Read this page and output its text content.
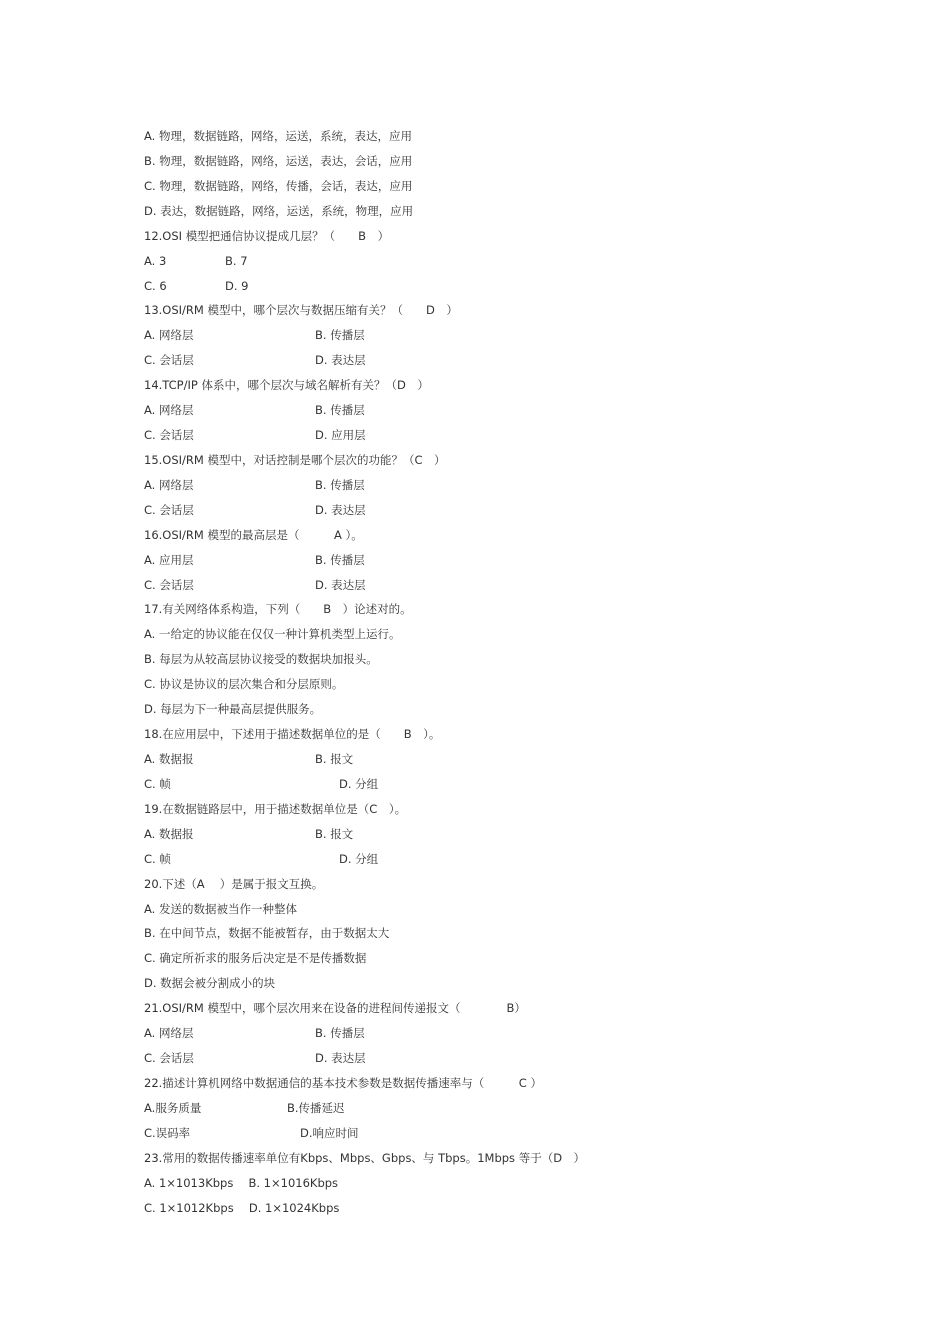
A. 物理，数据链路，网络，运送，系统，表达，应用
B. 物理，数据链路，网络，运送，表达，会话，应用
C. 物理，数据链路，网络，传播，会话，表达，应用
D. 表达，数据链路，网络，运送，系统，物理，应用
12.OSI 模型把通信协议提成几层？（　　B　）
A. 3	B. 7
C. 6	D. 9
13.OSI/RM 模型中，哪个层次与数据压缩有关？（　　D　）
A. 网络层	B. 传播层
C. 会话层	D. 表达层
14.TCP/IP 体系中，哪个层次与域名解析有关？（D　）
A. 网络层	B. 传播层
C. 会话层	D. 应用层
15.OSI/RM 模型中，对话控制是哪个层次的功能？（C　）
A. 网络层	B. 传播层
C. 会话层	D. 表达层
16.OSI/RM 模型的最高层是（　　　A ）。
A. 应用层	B. 传播层
C. 会话层	D. 表达层
17.有关网络体系构造，下列（　　B　）论述对的。
A. 一给定的协议能在仅仅一种计算机类型上运行。
B. 每层为从较高层协议接受的数据块加报头。
C. 协议是协议的层次集合和分层原则。
D. 每层为下一种最高层提供服务。
18.在应用层中，下述用于描述数据单位的是（　　B　）。
A. 数据报	B. 报文
C. 帧	D. 分组
19.在数据链路层中，用于描述数据单位是（C　）。
A. 数据报	B. 报文
C. 帧	D. 分组
20.下述（A　 ）是属于报文互换。
A. 发送的数据被当作一种整体
B. 在中间节点，数据不能被暂存，由于数据太大
C. 确定所祈求的服务后决定是不是传播数据
D. 数据会被分割成小的块
21.OSI/RM 模型中，哪个层次用来在设备的进程间传递报文（　　　　B）
A. 网络层	B. 传播层
C. 会话层	D. 表达层
22.描述计算机网络中数据通信的基本技术参数是数据传播速率与（　　　C ）
A.服务质量	B.传播延迟
C.误码率	D.响应时间
23.常用的数据传播速率单位有Kbps、Mbps、Gbps、与 Tbps。1Mbps 等于（D　）
A. 1×1013Kbps　 B. 1×1016Kbps
C. 1×1012Kbps　 D. 1×1024Kbps
